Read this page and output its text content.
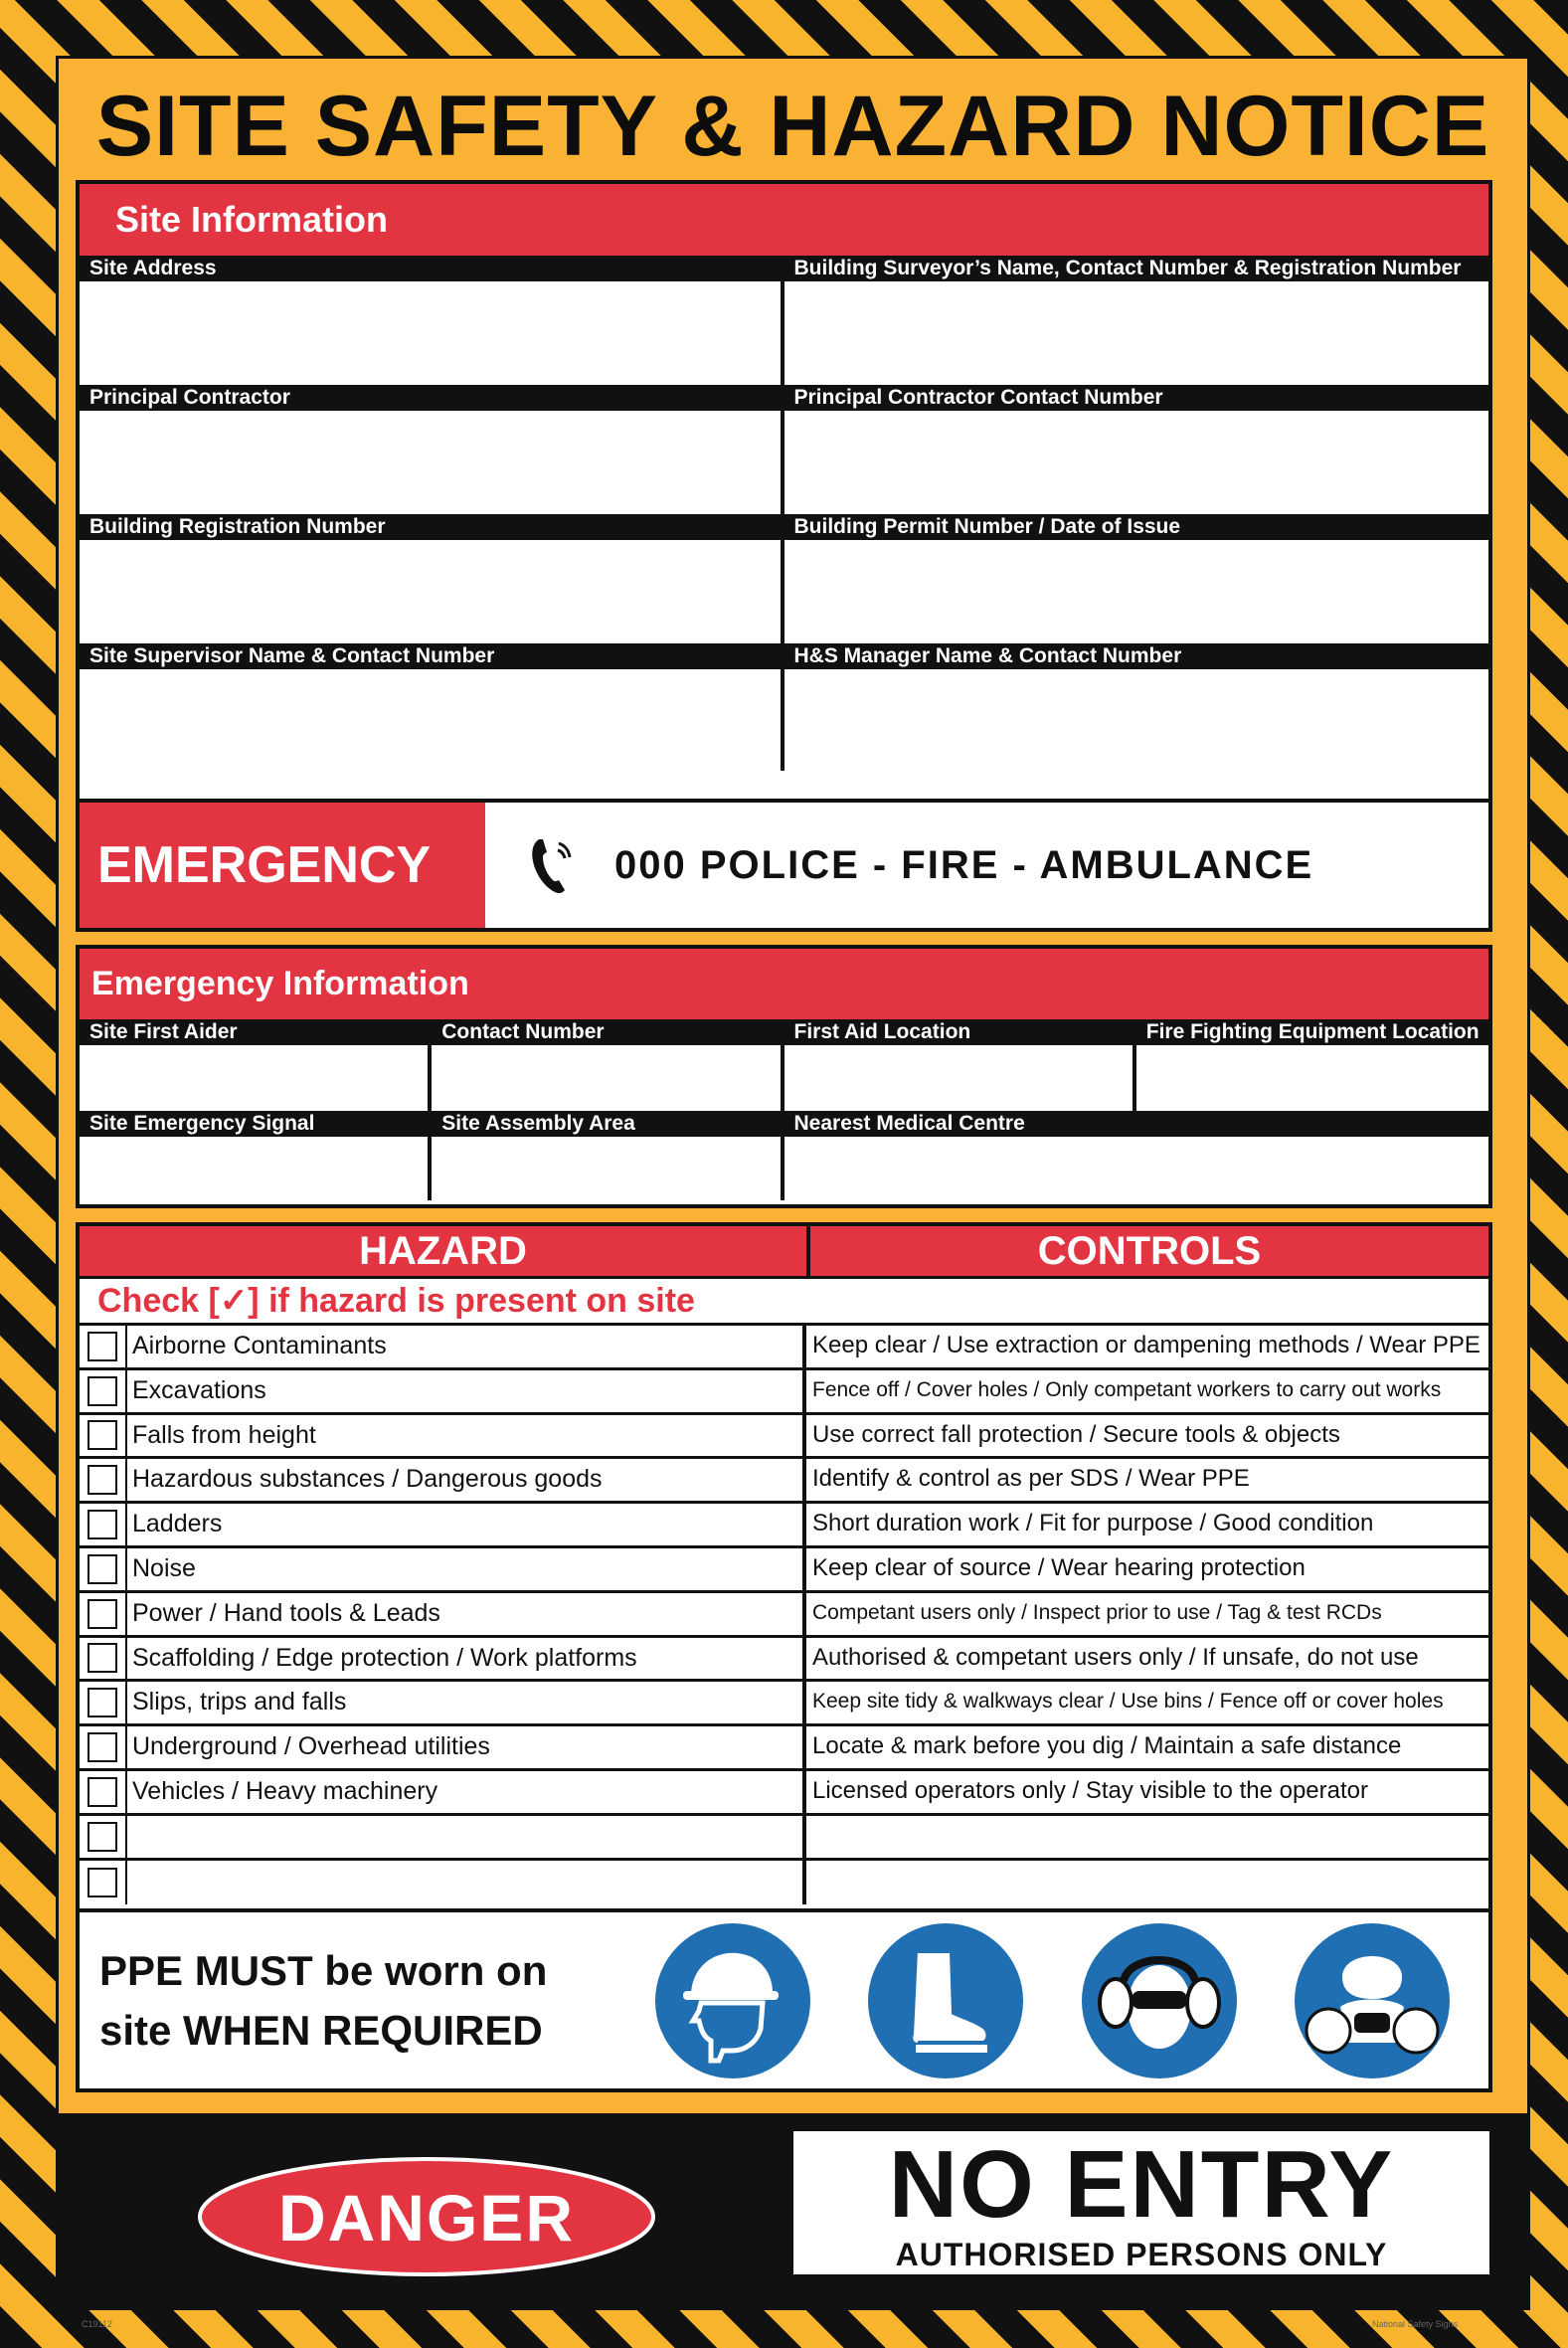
SITE SAFETY & HAZARD NOTICE
Site Information
Site Address	Building Surveyor’s Name, Contact Number & Registration Number
Principal Contractor	Principal Contractor Contact Number
Building Registration Number	Building Permit Number / Date of Issue
Site Supervisor Name & Contact Number	H&S Manager Name & Contact Number
EMERGENCY	000 POLICE - FIRE - AMBULANCE
Emergency Information
Site First Aider	Contact Number	First Aid Location	Fire Fighting Equipment Location
Site Emergency Signal	Site Assembly Area	Nearest Medical Centre
HAZARD	CONTROLS
Check [✓] if hazard is present on site
Airborne Contaminants	Keep clear / Use extraction or dampening methods / Wear PPE
Excavations	Fence off / Cover holes / Only competant workers to carry out works
Falls from height	Use correct fall protection / Secure tools & objects
Hazardous substances / Dangerous goods	Identify & control as per SDS / Wear PPE
Ladders	Short duration work / Fit for purpose / Good condition
Noise	Keep clear of source / Wear hearing protection
Power / Hand tools & Leads	Competant users only / Inspect prior to use / Tag & test RCDs
Scaffolding / Edge protection / Work platforms	Authorised & competant users only / If unsafe, do not use
Slips, trips and falls	Keep site tidy & walkways clear / Use bins / Fence off or cover holes
Underground / Overhead utilities	Locate & mark before you dig / Maintain a safe distance
Vehicles / Heavy machinery	Licensed operators only / Stay visible to the operator
PPE MUST be worn on
site WHEN REQUIRED
DANGER	NO ENTRY
AUTHORISED PERSONS ONLY
C19112	National Safety Signs
